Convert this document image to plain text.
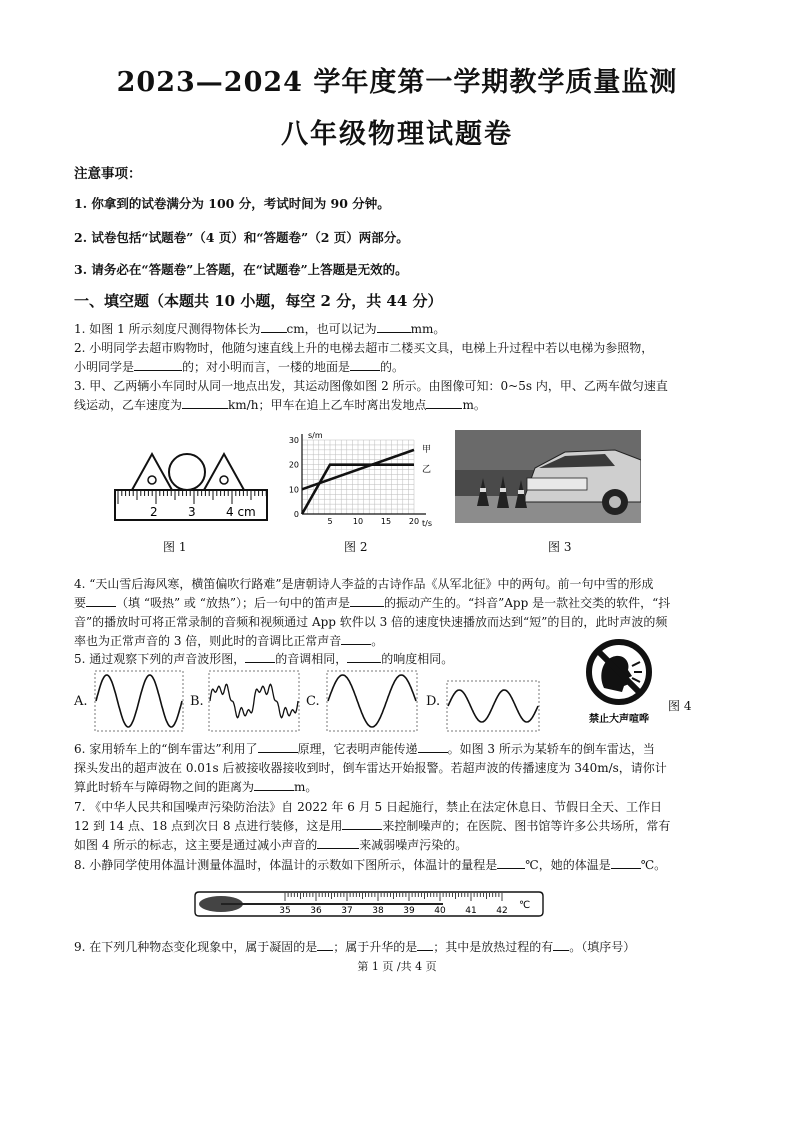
2023—2024 学年度第一学期教学质量监测
八年级物理试题卷
注意事项：
1. 你拿到的试卷满分为 100 分，考试时间为 90 分钟。
2. 试卷包括“试题卷”（4 页）和“答题卷”（2 页）两部分。
3. 请务必在“答题卷”上答题，在“试题卷”上答题是无效的。
一、填空题（本题共 10 小题，每空 2 分，共 44 分）
1. 如图 1 所示刻度尺测得物体长为 cm，也可以记为	mm。
2. 小明同学去超市购物时，他随匀速直线上升的电梯去超市二楼买文具，电梯上升过程中若以电梯为参照物，
小明同学是	的；对小明而言，一楼的地面是	的。
3. 甲、乙两辆小车同时从同一地点出发，其运动图像如图 2 所示。由图像可知：0~5s 内，甲、乙两车做匀速直
线运动，乙车速度为	km/h；甲车在追上乙车时离出发地点	m。
2	3	4 cm
图 1
30
20
10
0
5	10 15 20
s/m
t/s
甲
乙
图 2	图 3
4. “天山雪后海风寒，横笛偏吹行路难”是唐朝诗人李益的古诗作品《从军北征》中的两句。前一句中雪的形成
要	（填 “吸热” 或 “放热”）；后一句中的笛声是	的振动产生的。“抖音”App 是一款社交类的软件，“抖
音”的播放时可将正常录制的音频和视频通过 App 软件以 3 倍的速度快速播放而达到“短”的目的，此时声波的频
率也为正常声音的 3 倍，则此时的音调比正常声音	。
5. 通过观察下列的声音波形图，	的音调相同，	的响度相同。
A.	B.	C.	D.
禁止大声喧哗
图 4
6. 家用轿车上的“倒车雷达”利用了	原理，它表明声能传递	。如图 3 所示为某轿车的倒车雷达，当
探头发出的超声波在 0.01s 后被接收器接收到时，倒车雷达开始报警。若超声波的传播速度为 340m/s，请你计
算此时轿车与障碍物之间的距离为	m。
7. 《中华人民共和国噪声污染防治法》自 2022 年 6 月 5 日起施行，禁止在法定休息日、节假日全天、工作日
12 到 14 点、18 点到次日 8 点进行装修，这是用	来控制噪声的；在医院、图书馆等许多公共场所，常有
如图 4 所示的标志，这主要是通过减小声音的	来减弱噪声污染的。
8. 小静同学使用体温计测量体温时，体温计的示数如下图所示，体温计的量程是 ℃，她的体温是	℃。
35 36 37 38 39 40 41 42 ℃
9. 在下列几种物态变化现象中，属于凝固的是 ；属于升华的是 ；其中是放热过程的有 。（填序号）
第 1 页 /共 4 页
